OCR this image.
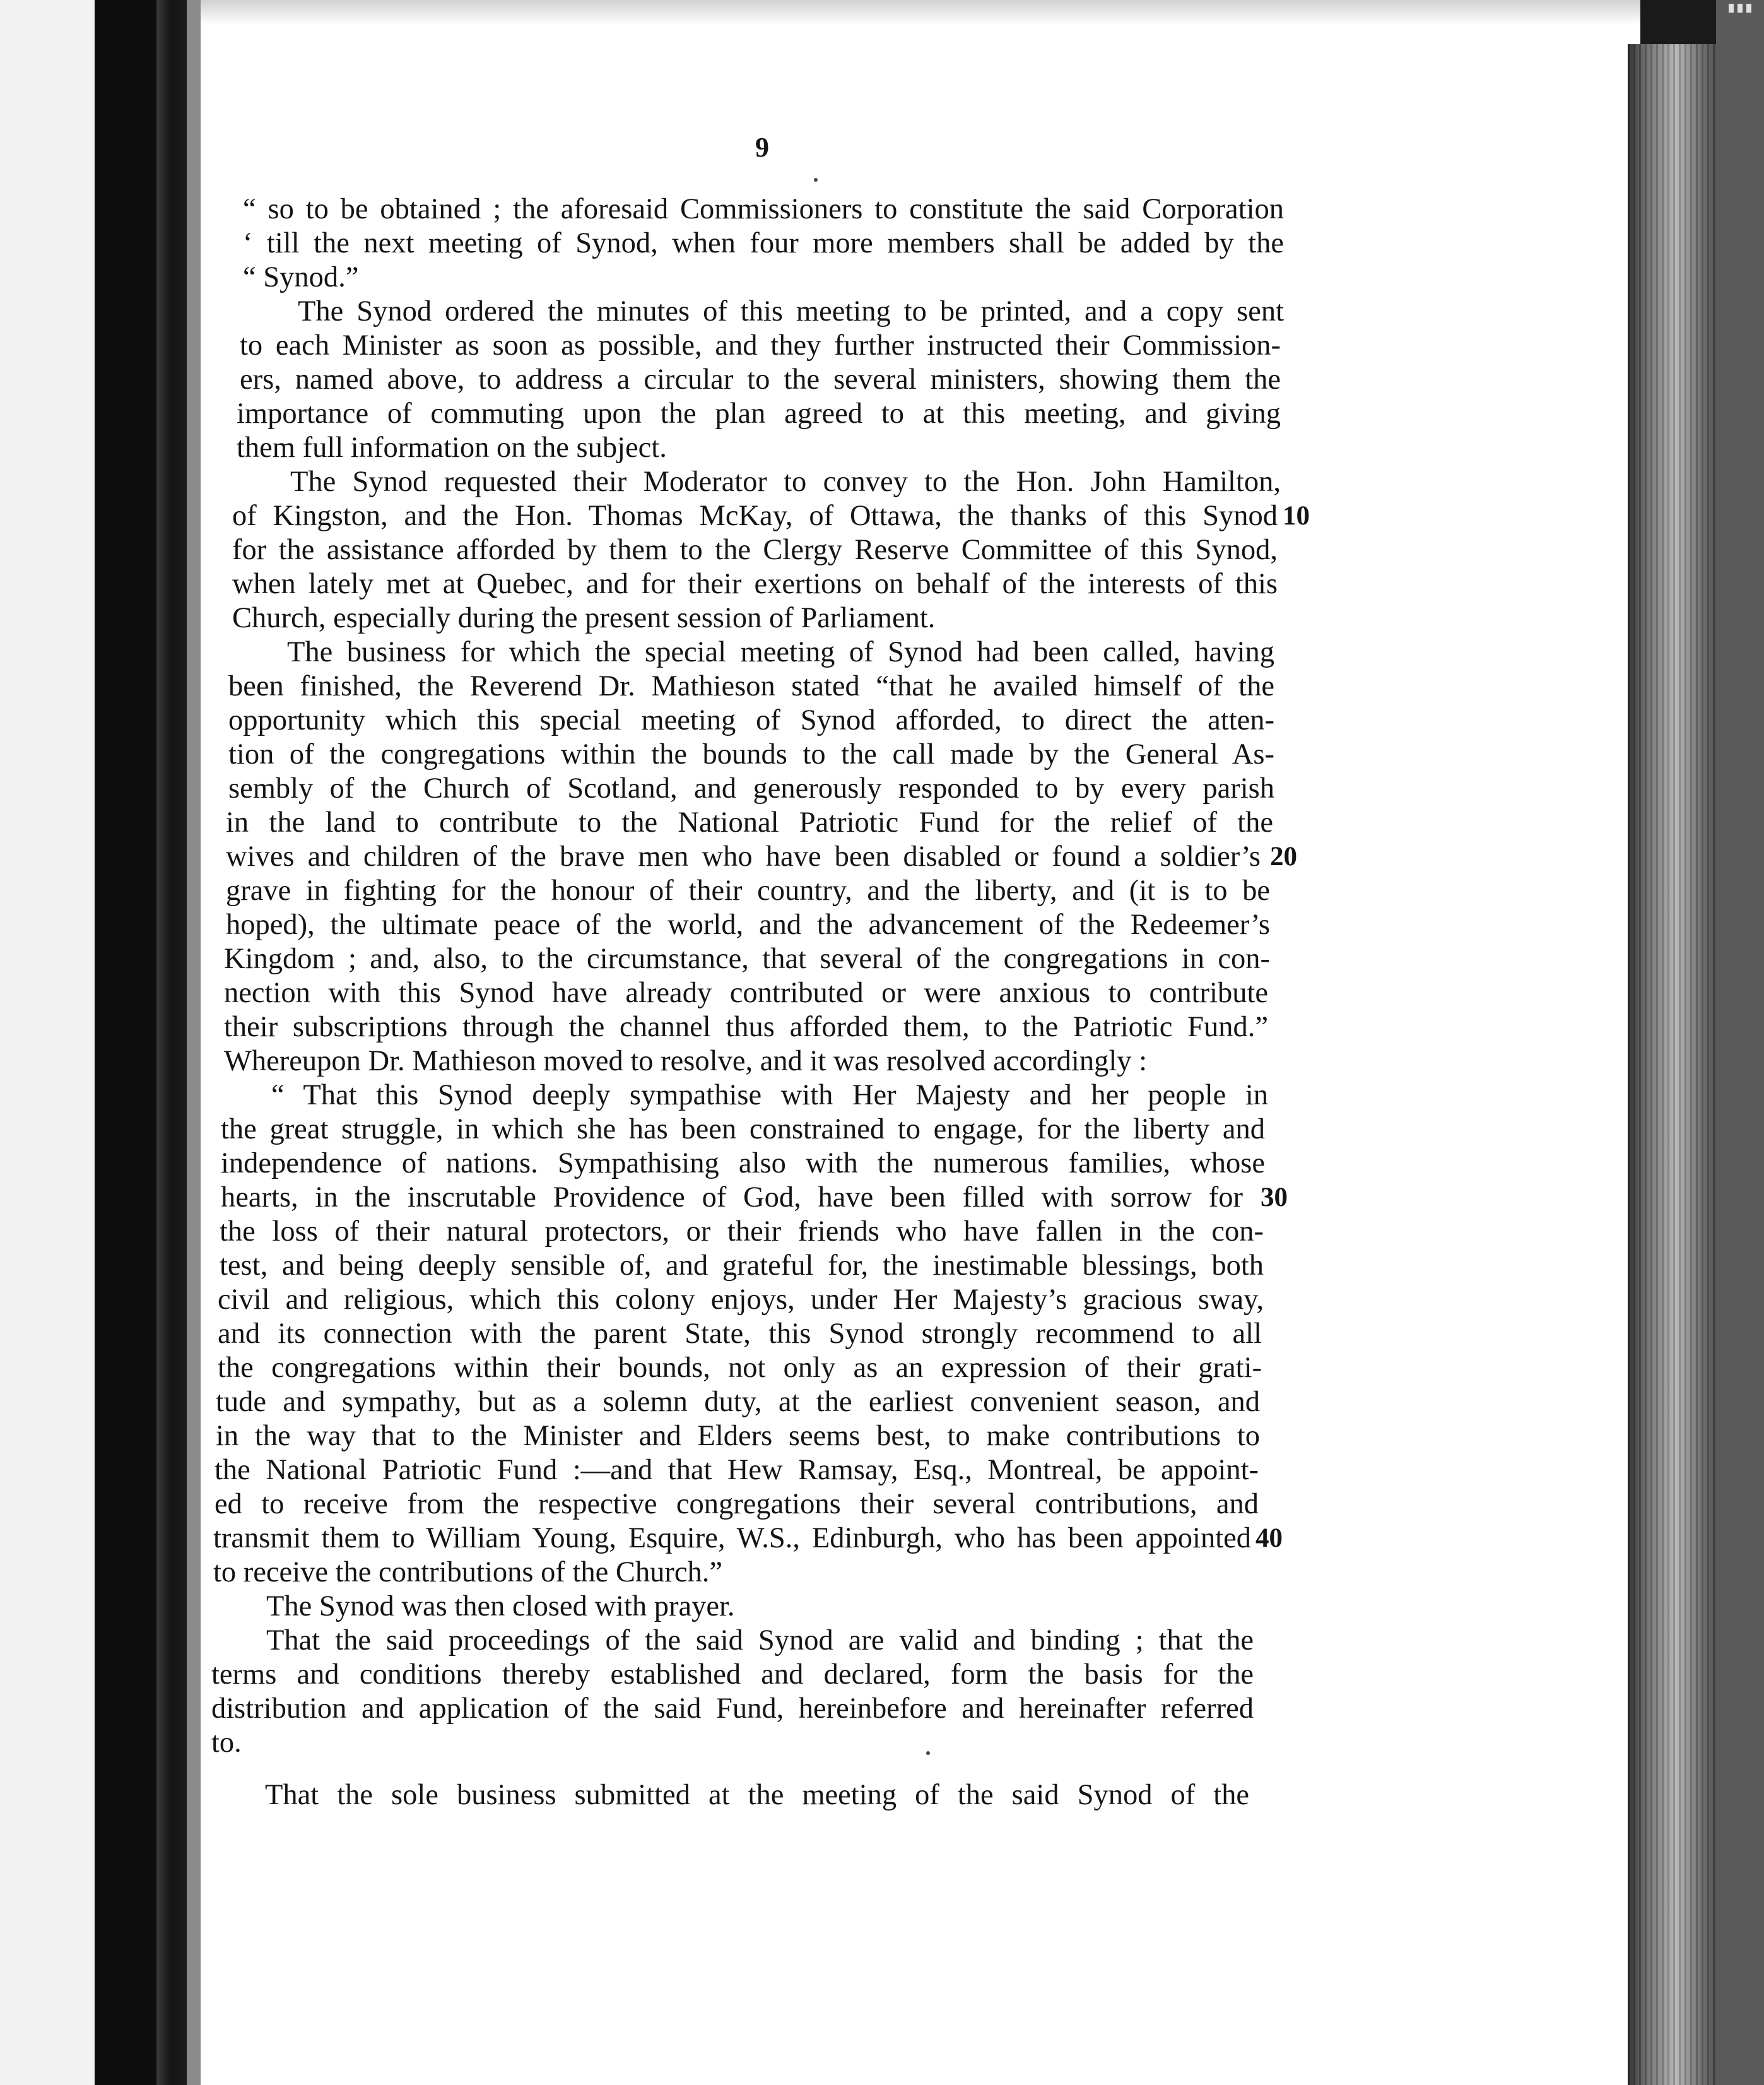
9
“ so to be obtained ; the aforesaid Commissioners to constitute the said Corporation
‘ till the next meeting of Synod, when four more members shall be added by the
“ Synod.”
The Synod ordered the minutes of this meeting to be printed, and a copy sent
to each Minister as soon as possible, and they further instructed their Commission-
ers, named above, to address a circular to the several ministers, showing them the
importance of commuting upon the plan agreed to at this meeting, and giving
them full information on the subject.
The Synod requested their Moderator to convey to the Hon. John Hamilton,
of Kingston, and the Hon. Thomas McKay, of Ottawa, the thanks of this Synod
for the assistance afforded by them to the Clergy Reserve Committee of this Synod,
when lately met at Quebec, and for their exertions on behalf of the interests of this
Church, especially during the present session of Parliament.
The business for which the special meeting of Synod had been called, having
been finished, the Reverend Dr. Mathieson stated “that he availed himself of the
opportunity which this special meeting of Synod afforded, to direct the atten-
tion of the congregations within the bounds to the call made by the General As-
sembly of the Church of Scotland, and generously responded to by every parish
in the land to contribute to the National Patriotic Fund for the relief of the
wives and children of the brave men who have been disabled or found a soldier’s
grave in fighting for the honour of their country, and the liberty, and (it is to be
hoped), the ultimate peace of the world, and the advancement of the Redeemer’s
Kingdom ; and, also, to the circumstance, that several of the congregations in con-
nection with this Synod have already contributed or were anxious to contribute
their subscriptions through the channel thus afforded them, to the Patriotic Fund.”
Whereupon Dr. Mathieson moved to resolve, and it was resolved accordingly :
“ That this Synod deeply sympathise with Her Majesty and her people in
the great struggle, in which she has been constrained to engage, for the liberty and
independence of nations. Sympathising also with the numerous families, whose
hearts, in the inscrutable Providence of God, have been filled with sorrow for
the loss of their natural protectors, or their friends who have fallen in the con-
test, and being deeply sensible of, and grateful for, the inestimable blessings, both
civil and religious, which this colony enjoys, under Her Majesty’s gracious sway,
and its connection with the parent State, this Synod strongly recommend to all
the congregations within their bounds, not only as an expression of their grati-
tude and sympathy, but as a solemn duty, at the earliest convenient season, and
in the way that to the Minister and Elders seems best, to make contributions to
the National Patriotic Fund :—and that Hew Ramsay, Esq., Montreal, be appoint-
ed to receive from the respective congregations their several contributions, and
transmit them to William Young, Esquire, W.S., Edinburgh, who has been appointed
to receive the contributions of the Church.”
The Synod was then closed with prayer.
That the said proceedings of the said Synod are valid and binding ; that the
terms and conditions thereby established and declared, form the basis for the
distribution and application of the said Fund, hereinbefore and hereinafter referred
to.
That the sole business submitted at the meeting of the said Synod of the
10
20
30
40
